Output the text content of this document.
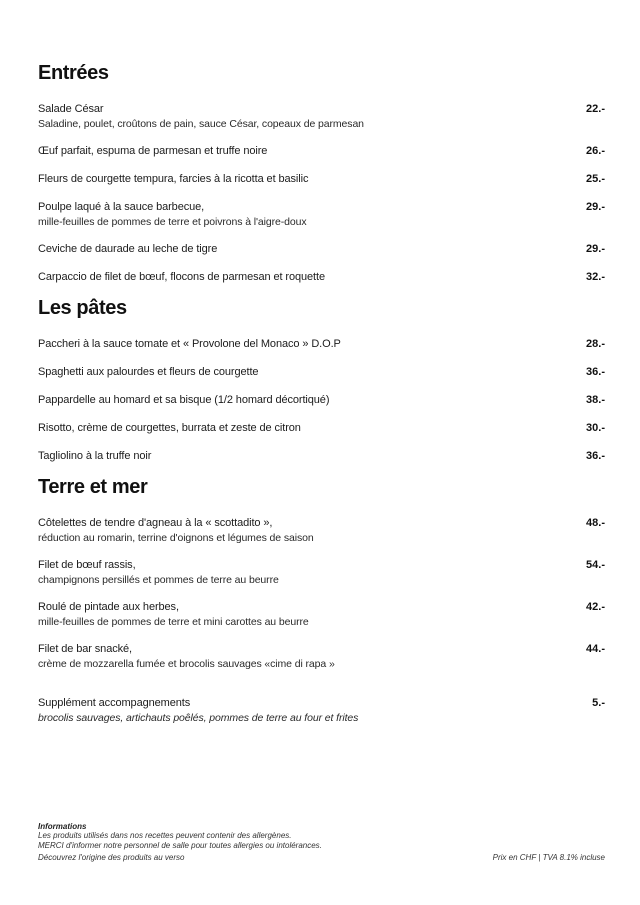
Entrées
Salade César
Saladine, poulet, croûtons de pain, sauce César, copeaux de parmesan
22.-
Œuf parfait, espuma de parmesan et truffe noire	26.-
Fleurs de courgette tempura, farcies à la ricotta et basilic	25.-
Poulpe laqué à la sauce barbecue,
mille-feuilles de pommes de terre et poivrons à l'aigre-doux
29.-
Ceviche de daurade au leche de tigre	29.-
Carpaccio de filet de bœuf, flocons de parmesan et roquette	32.-
Les pâtes
Paccheri à la sauce tomate et « Provolone del Monaco » D.O.P	28.-
Spaghetti aux palourdes et fleurs de courgette	36.-
Pappardelle au homard et sa bisque (1/2 homard décortiqué)	38.-
Risotto, crème de courgettes, burrata et zeste de citron	30.-
Tagliolino à la truffe noir	36.-
Terre et mer
Côtelettes de tendre d'agneau à la « scottadito »,
réduction au romarin, terrine d'oignons et légumes de saison
48.-
Filet de bœuf rassis,
champignons persillés et pommes de terre au beurre
54.-
Roulé de pintade aux herbes,
mille-feuilles de pommes de terre et mini carottes au beurre
42.-
Filet de bar snacké,
crème de mozzarella fumée et brocolis sauvages «cime di rapa »
44.-
Supplément accompagnements
brocolis sauvages, artichauts poêlés, pommes de terre au four et frites
5.-
Informations
Les produits utilisés dans nos recettes peuvent contenir des allergènes.
MERCI d'informer notre personnel de salle pour toutes allergies ou intolérances.
Découvrez l'origine des produits au verso	Prix en CHF | TVA 8.1% incluse
